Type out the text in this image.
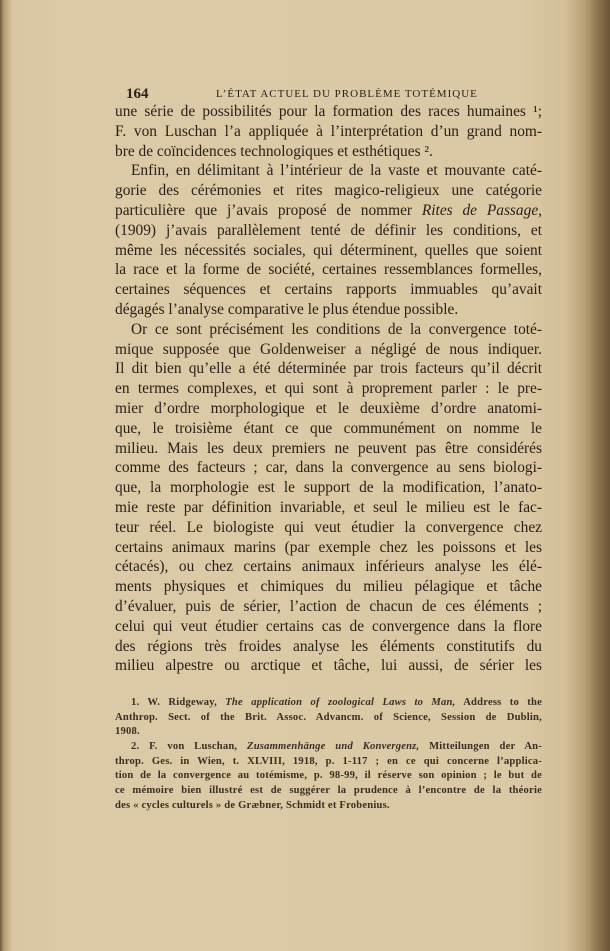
164	L’ÉTAT ACTUEL DU PROBLÈME TOTÉMIQUE
une série de possibilités pour la formation des races humaines ¹;
F. von Luschan l’a appliquée à l’interprétation d’un grand nom-
bre de coïncidences technologiques et esthétiques ².
Enfin, en délimitant à l’intérieur de la vaste et mouvante caté-
gorie des cérémonies et rites magico-religieux une catégorie
particulière que j’avais proposé de nommer Rites de Passage,
(1909) j’avais parallèlement tenté de définir les conditions, et
même les nécessités sociales, qui déterminent, quelles que soient
la race et la forme de société, certaines ressemblances formelles,
certaines séquences et certains rapports immuables qu’avait
dégagés l’analyse comparative le plus étendue possible.
Or ce sont précisément les conditions de la convergence toté-
mique supposée que Goldenweiser a négligé de nous indiquer.
Il dit bien qu’elle a été déterminée par trois facteurs qu’il décrit
en termes complexes, et qui sont à proprement parler : le pre-
mier d’ordre morphologique et le deuxième d’ordre anatomi-
que, le troisième étant ce que communément on nomme le
milieu. Mais les deux premiers ne peuvent pas être considérés
comme des facteurs ; car, dans la convergence au sens biologi-
que, la morphologie est le support de la modification, l’anato-
mie reste par définition invariable, et seul le milieu est le fac-
teur réel. Le biologiste qui veut étudier la convergence chez
certains animaux marins (par exemple chez les poissons et les
cétacés), ou chez certains animaux inférieurs analyse les élé-
ments physiques et chimiques du milieu pélagique et tâche
d’évaluer, puis de sérier, l’action de chacun de ces éléments ;
celui qui veut étudier certains cas de convergence dans la flore
des régions très froides analyse les éléments constitutifs du
milieu alpestre ou arctique et tâche, lui aussi, de sérier les
1. W. Ridgeway, The application of zoological Laws to Man, Address to the
Anthrop. Sect. of the Brit. Assoc. Advancm. of Science, Session de Dublin,
1908.
2. F. von Luschan, Zusammenhänge und Konvergenz, Mitteilungen der An-
throp. Ges. in Wien, t. XLVIII, 1918, p. 1-117 ; en ce qui concerne l’applica-
tion de la convergence au totémisme, p. 98-99, il réserve son opinion ; le but de
ce mémoire bien illustré est de suggérer la prudence à l’encontre de la théorie
des « cycles culturels » de Græbner, Schmidt et Frobenius.
